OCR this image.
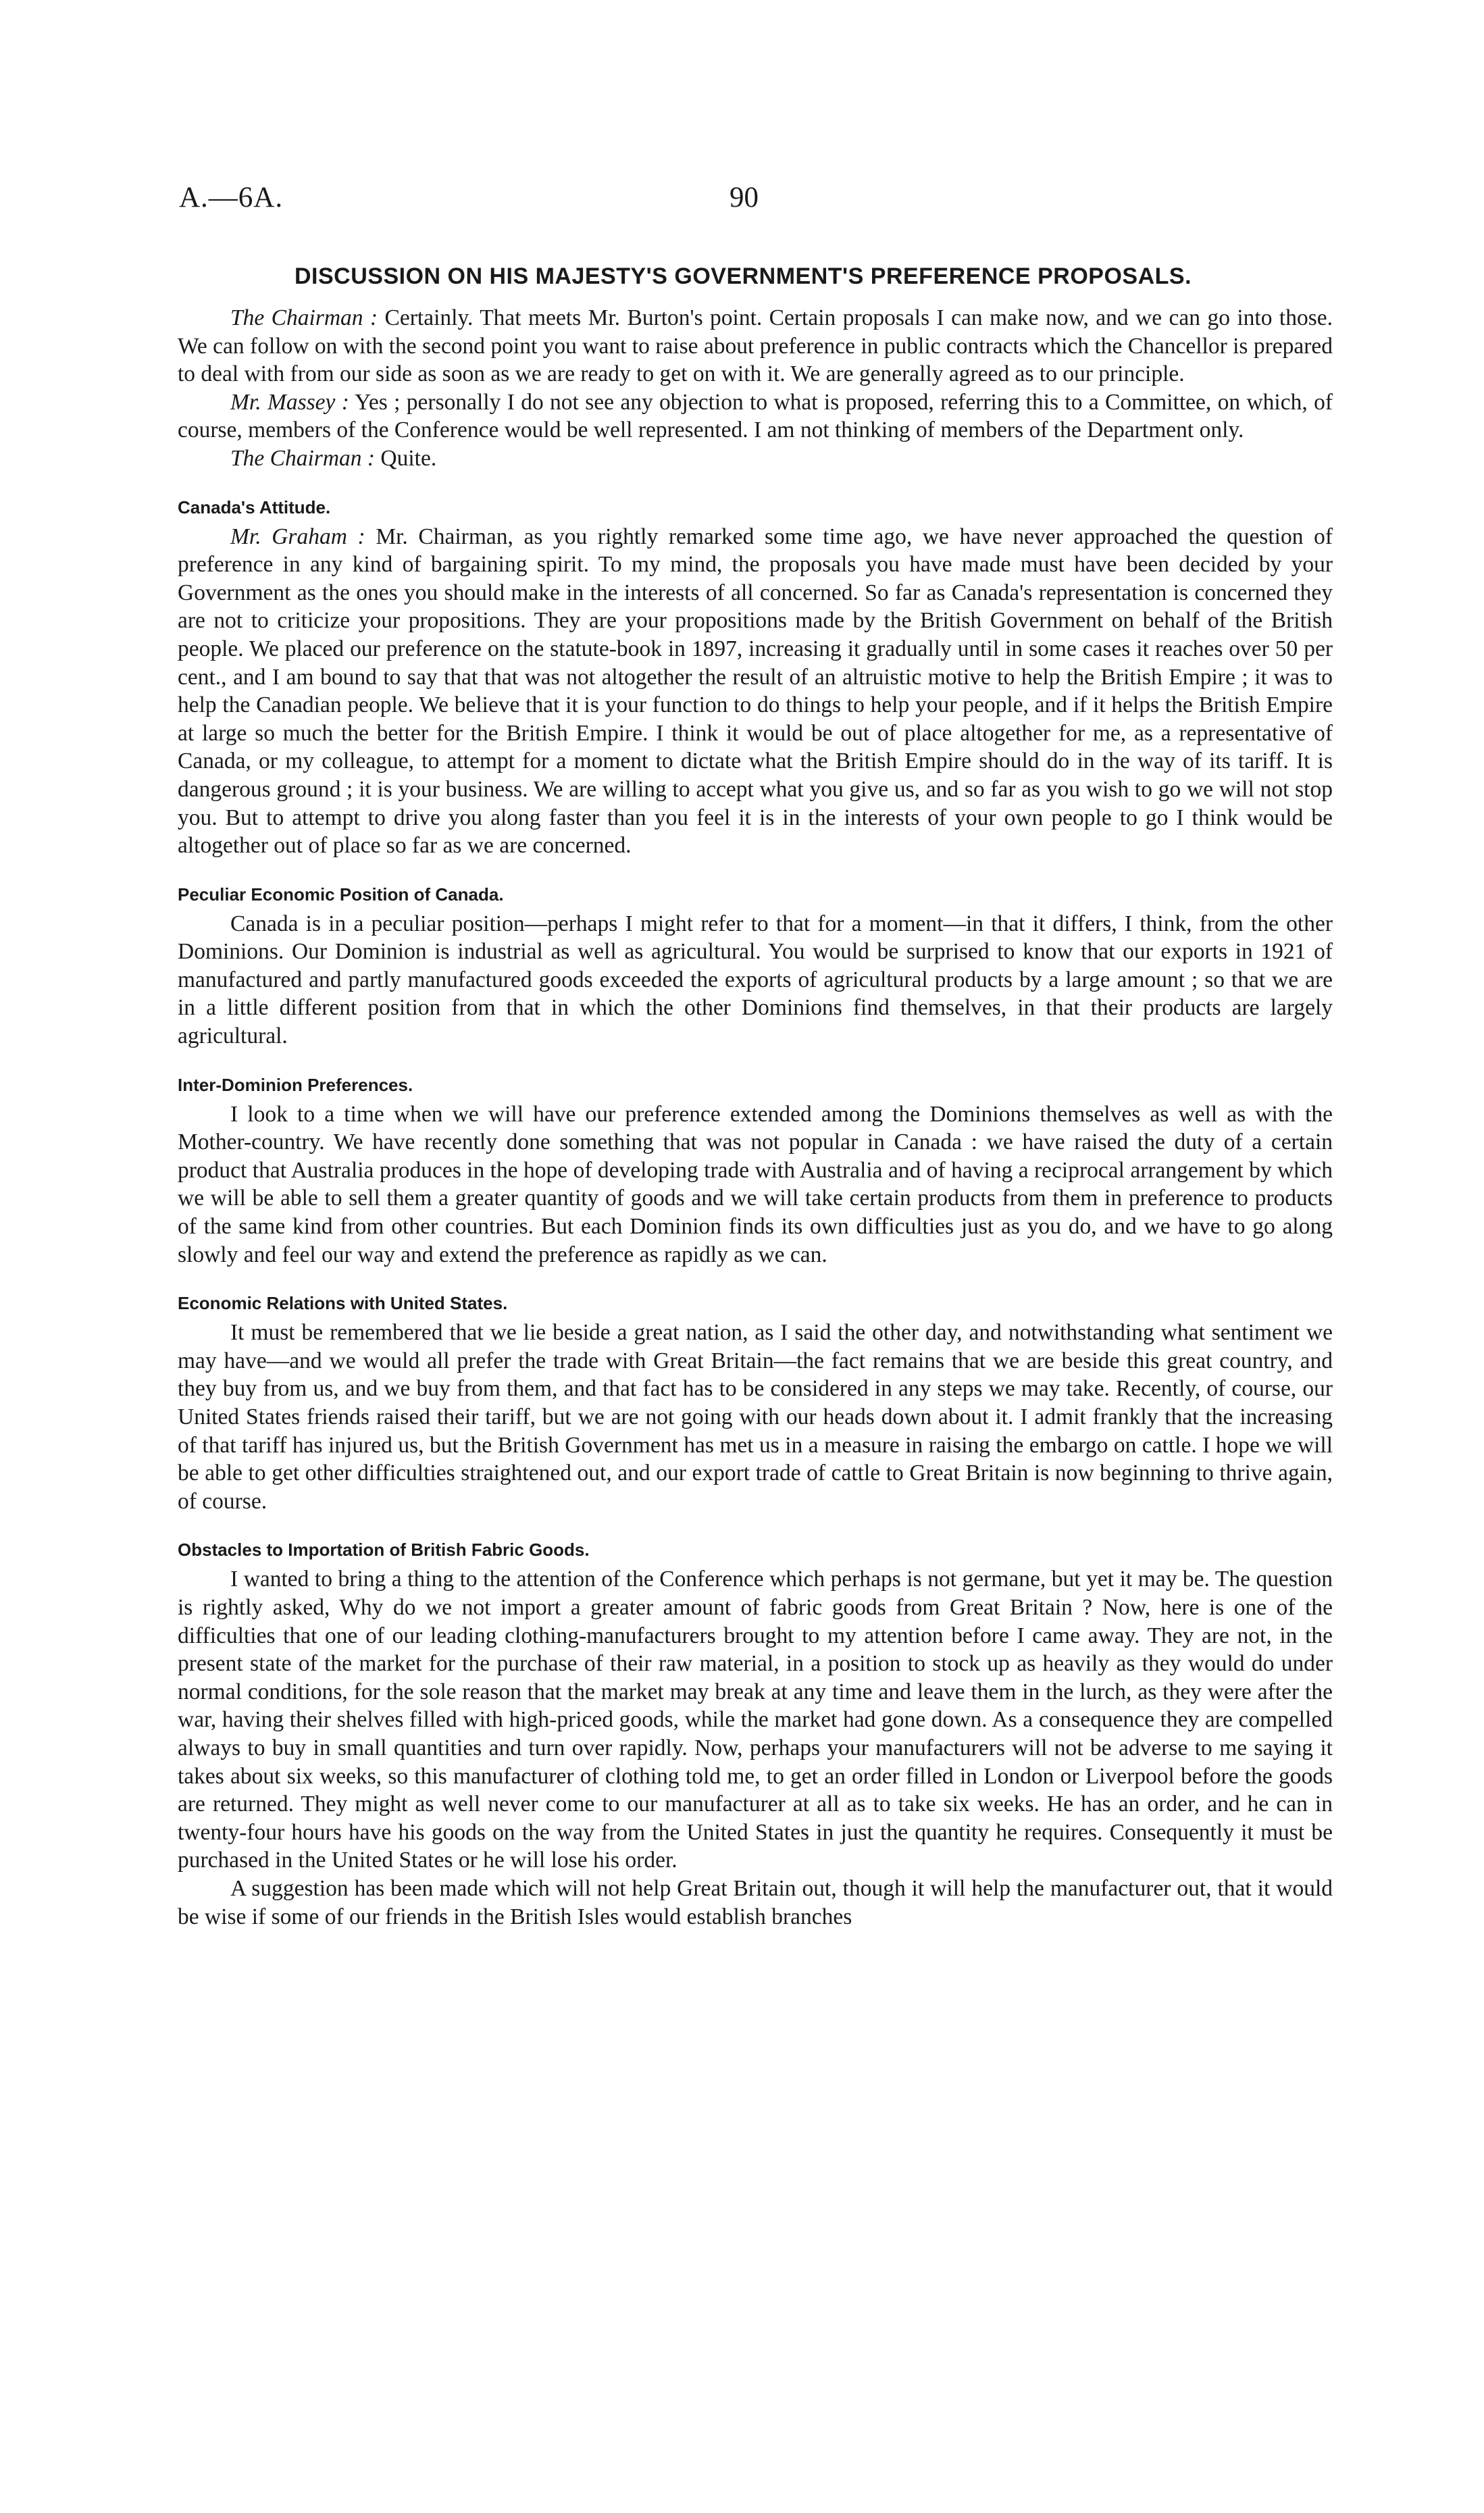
A.—6A.	90
DISCUSSION ON HIS MAJESTY'S GOVERNMENT'S PREFERENCE PROPOSALS.

The Chairman : Certainly. That meets Mr. Burton's point. Certain proposals I can make now, and we can go into those. We can follow on with the second point you want to raise about preference in public contracts which the Chancellor is prepared to deal with from our side as soon as we are ready to get on with it. We are generally agreed as to our principle.

Mr. Massey : Yes ; personally I do not see any objection to what is proposed, referring this to a Committee, on which, of course, members of the Conference would be well represented. I am not thinking of members of the Department only.

The Chairman : Quite.

Canada's Attitude.

Mr. Graham : Mr. Chairman, as you rightly remarked some time ago, we have never approached the question of preference in any kind of bargaining spirit. To my mind, the proposals you have made must have been decided by your Government as the ones you should make in the interests of all concerned. So far as Canada's representation is concerned they are not to criticize your propositions. They are your propositions made by the British Government on behalf of the British people. We placed our preference on the statute-book in 1897, increasing it gradually until in some cases it reaches over 50 per cent., and I am bound to say that that was not altogether the result of an altruistic motive to help the British Empire ; it was to help the Canadian people. We believe that it is your function to do things to help your people, and if it helps the British Empire at large so much the better for the British Empire. I think it would be out of place altogether for me, as a representative of Canada, or my colleague, to attempt for a moment to dictate what the British Empire should do in the way of its tariff. It is dangerous ground ; it is your business. We are willing to accept what you give us, and so far as you wish to go we will not stop you. But to attempt to drive you along faster than you feel it is in the interests of your own people to go I think would be altogether out of place so far as we are concerned.

Peculiar Economic Position of Canada.

Canada is in a peculiar position—perhaps I might refer to that for a moment—in that it differs, I think, from the other Dominions. Our Dominion is industrial as well as agricultural. You would be surprised to know that our exports in 1921 of manufactured and partly manufactured goods exceeded the exports of agricultural products by a large amount ; so that we are in a little different position from that in which the other Dominions find themselves, in that their products are largely agricultural.

Inter-Dominion Preferences.

I look to a time when we will have our preference extended among the Dominions themselves as well as with the Mother-country. We have recently done something that was not popular in Canada : we have raised the duty of a certain product that Australia produces in the hope of developing trade with Australia and of having a reciprocal arrangement by which we will be able to sell them a greater quantity of goods and we will take certain products from them in preference to products of the same kind from other countries. But each Dominion finds its own difficulties just as you do, and we have to go along slowly and feel our way and extend the preference as rapidly as we can.

Economic Relations with United States.

It must be remembered that we lie beside a great nation, as I said the other day, and notwithstanding what sentiment we may have—and we would all prefer the trade with Great Britain—the fact remains that we are beside this great country, and they buy from us, and we buy from them, and that fact has to be considered in any steps we may take. Recently, of course, our United States friends raised their tariff, but we are not going with our heads down about it. I admit frankly that the increasing of that tariff has injured us, but the British Government has met us in a measure in raising the embargo on cattle. I hope we will be able to get other difficulties straightened out, and our export trade of cattle to Great Britain is now beginning to thrive again, of course.

Obstacles to Importation of British Fabric Goods.

I wanted to bring a thing to the attention of the Conference which perhaps is not germane, but yet it may be. The question is rightly asked, Why do we not import a greater amount of fabric goods from Great Britain ? Now, here is one of the difficulties that one of our leading clothing-manufacturers brought to my attention before I came away. They are not, in the present state of the market for the purchase of their raw material, in a position to stock up as heavily as they would do under normal conditions, for the sole reason that the market may break at any time and leave them in the lurch, as they were after the war, having their shelves filled with high-priced goods, while the market had gone down. As a consequence they are compelled always to buy in small quantities and turn over rapidly. Now, perhaps your manufacturers will not be adverse to me saying it takes about six weeks, so this manufacturer of clothing told me, to get an order filled in London or Liverpool before the goods are returned. They might as well never come to our manufacturer at all as to take six weeks. He has an order, and he can in twenty-four hours have his goods on the way from the United States in just the quantity he requires. Consequently it must be purchased in the United States or he will lose his order.

A suggestion has been made which will not help Great Britain out, though it will help the manufacturer out, that it would be wise if some of our friends in the British Isles would establish branches
